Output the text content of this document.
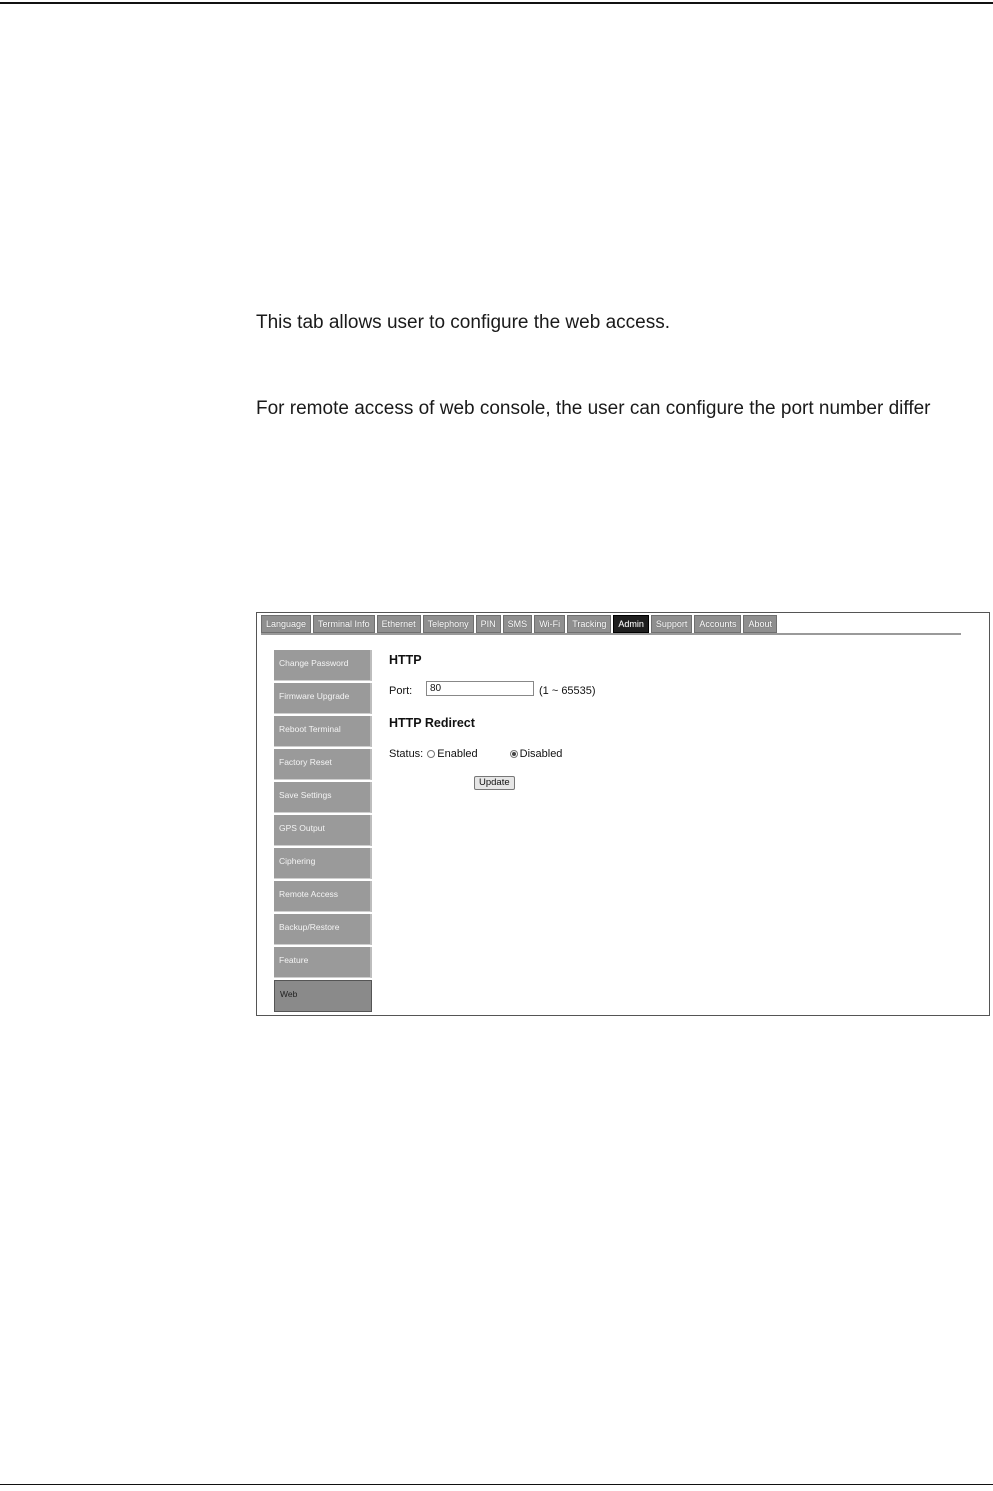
This tab allows user to configure the web access.
For remote access of web console, the user can configure the port number differ
Language	Terminal Info	Ethernet	Telephony	PIN	SMS	Wi-Fi	Tracking	Admin	Support	Accounts	About
Change Password
Firmware Upgrade
Reboot Terminal
Factory Reset
Save Settings
GPS Output
Ciphering
Remote Access
Backup/Restore
Feature
Web
HTTP
Port:
80	(1 ~ 65535)
HTTP Redirect
Status: Enabled	Disabled
Update
